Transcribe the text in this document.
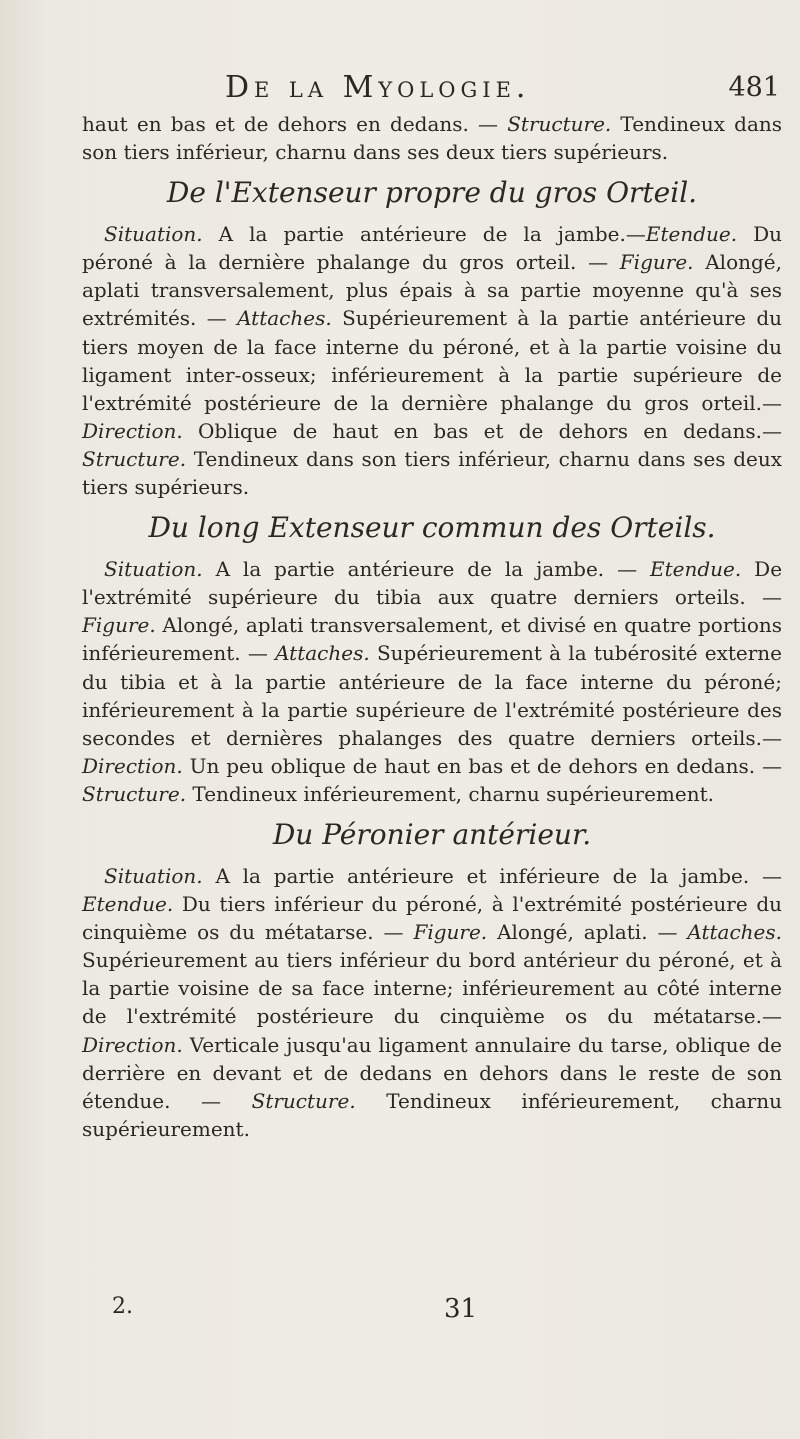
De la Myologie.	481

haut en bas et de dehors en dedans. — Structure. Tendineux dans son tiers inférieur, charnu dans ses deux tiers supérieurs.

De l'Extenseur propre du gros Orteil.

Situation. A la partie antérieure de la jambe.—Etendue. Du péroné à la dernière phalange du gros orteil. — Figure. Alongé, aplati transversalement, plus épais à sa partie moyenne qu'à ses extrémités. — Attaches. Supérieurement à la partie antérieure du tiers moyen de la face interne du péroné, et à la partie voisine du ligament inter-osseux; inférieurement à la partie supérieure de l'extrémité postérieure de la dernière phalange du gros orteil.—Direction. Oblique de haut en bas et de dehors en dedans.—Structure. Tendineux dans son tiers inférieur, charnu dans ses deux tiers supérieurs.

Du long Extenseur commun des Orteils.

Situation. A la partie antérieure de la jambe. — Etendue. De l'extrémité supérieure du tibia aux quatre derniers orteils. — Figure. Alongé, aplati transversalement, et divisé en quatre portions inférieurement. — Attaches. Supérieurement à la tubérosité externe du tibia et à la partie antérieure de la face interne du péroné; inférieurement à la partie supérieure de l'extrémité postérieure des secondes et dernières phalanges des quatre derniers orteils.—Direction. Un peu oblique de haut en bas et de dehors en dedans. — Structure. Tendineux inférieurement, charnu supérieurement.

Du Péronier antérieur.

Situation. A la partie antérieure et inférieure de la jambe. — Etendue. Du tiers inférieur du péroné, à l'extrémité postérieure du cinquième os du métatarse. — Figure. Alongé, aplati. — Attaches. Supérieurement au tiers inférieur du bord antérieur du péroné, et à la partie voisine de sa face interne; inférieurement au côté interne de l'extrémité postérieure du cinquième os du métatarse.—Direction. Verticale jusqu'au ligament annulaire du tarse, oblique de derrière en devant et de dedans en dehors dans le reste de son étendue. — Structure. Tendineux inférieurement, charnu supérieurement.

2.	31
